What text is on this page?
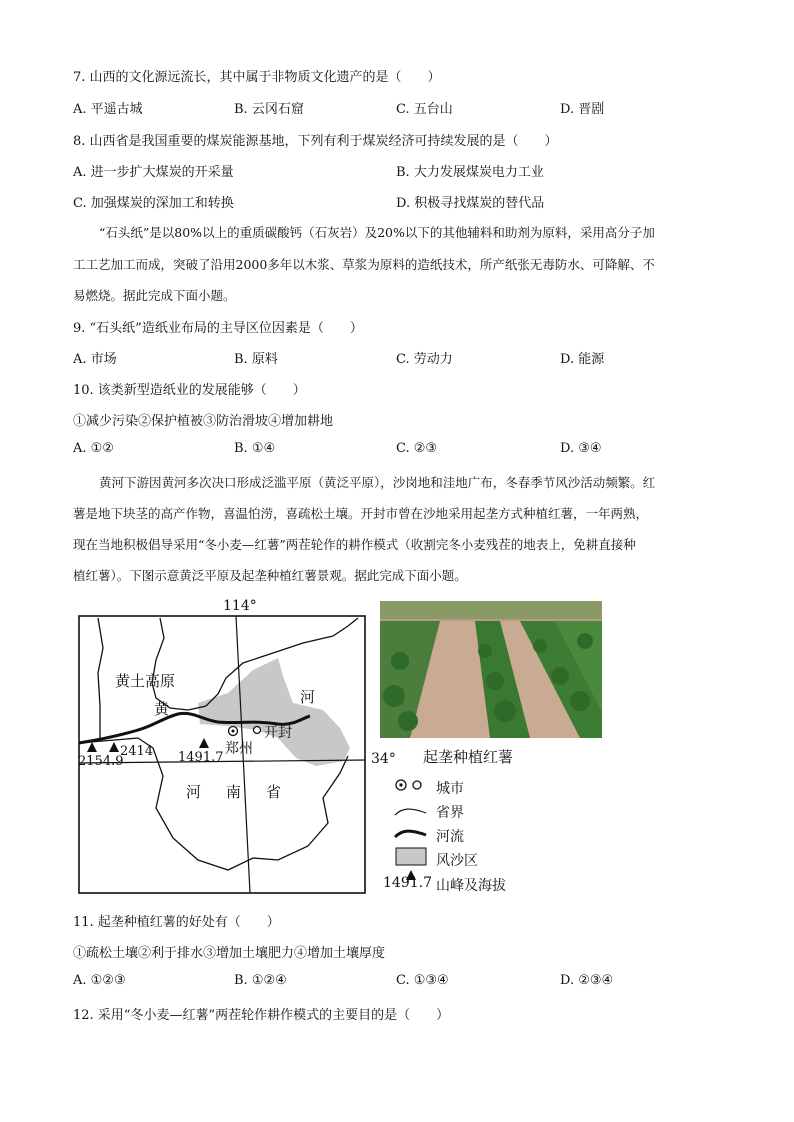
7. 山西的文化源远流长，其中属于非物质文化遗产的是（　　）
A. 平遥古城	B. 云冈石窟	C. 五台山	D. 晋剧
8. 山西省是我国重要的煤炭能源基地，下列有利于煤炭经济可持续发展的是（　　）
A. 进一步扩大煤炭的开采量	B. 大力发展煤炭电力工业
C. 加强煤炭的深加工和转换	D. 积极寻找煤炭的替代品
“石头纸”是以80%以上的重质碳酸钙（石灰岩）及20%以下的其他辅料和助剂为原料，采用高分子加
工工艺加工而成，突破了沿用2000多年以木浆、草浆为原料的造纸技术，所产纸张无毒防水、可降解、不
易燃烧。据此完成下面小题。
9. “石头纸”造纸业布局的主导区位因素是（　　）
A. 市场	B. 原料	C. 劳动力	D. 能源
10. 该类新型造纸业的发展能够（　　）
①减少污染②保护植被③防治滑坡④增加耕地
A. ①②	B. ①④	C. ②③	D. ③④
黄河下游因黄河多次决口形成泛滥平原（黄泛平原），沙岗地和洼地广布，冬春季节风沙活动频繁。红
薯是地下块茎的高产作物，喜温怕涝，喜疏松土壤。开封市曾在沙地采用起垄方式种植红薯，一年两熟，
现在当地积极倡导采用“冬小麦—红薯”两茬轮作的耕作模式（收割完冬小麦残茬的地表上，免耕直接种
植红薯）。下图示意黄泛平原及起垄种植红薯景观。据此完成下面小题。
114°
34°
黄土高原
黄
河
河 南 省
郑州
开封
2154.9
2414 1491.7	起垄种植红薯
城市
省界
河流
风沙区
1491.7 山峰及海拔
11. 起垄种植红薯的好处有（　　）
①疏松土壤②利于排水③增加土壤肥力④增加土壤厚度
A. ①②③	B. ①②④	C. ①③④	D. ②③④
12. 采用“冬小麦—红薯”两茬轮作耕作模式的主要目的是（　　）
